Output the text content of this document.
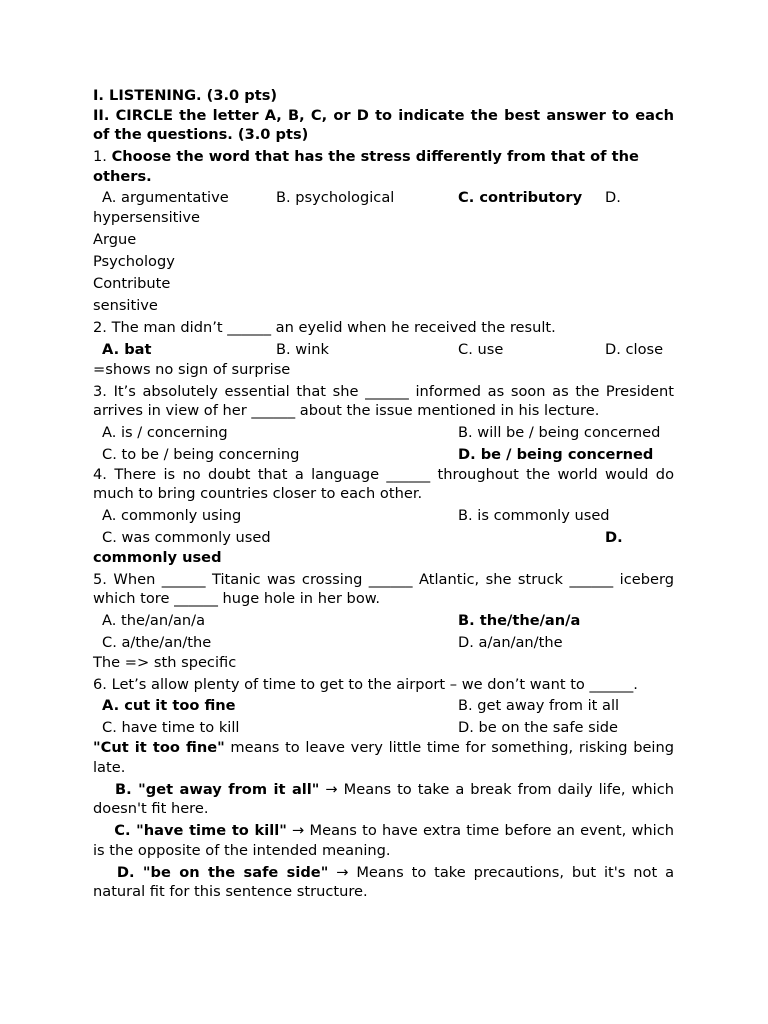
I. LISTENING. (3.0 pts)

II. CIRCLE the letter A, B, C, or D to indicate the best answer to each of the questions. (3.0 pts)

1. Choose the word that has the stress differently from that of the others.

A. argumentative	B. psychological	C. contributory D.

hypersensitive

Argue

Psychology

Contribute

sensitive

2. The man didn’t ______ an eyelid when he received the result.

A. bat	B. wink	C. use	D. close

=shows no sign of surprise

3. It’s absolutely essential that she ______ informed as soon as the President arrives in view of her ______ about the issue mentioned in his lecture.

A. is / concerning	B. will be / being concerned
C. to be / being concerning	D. be / being concerned

4. There is no doubt that a language ______ throughout the world would do much to bring countries closer to each other.

A. commonly using	B. is commonly used
C. was commonly used	D.

commonly used

5. When ______ Titanic was crossing ______ Atlantic, she struck ______ iceberg which tore ______ huge hole in her bow.

A. the/an/an/a	B. the/the/an/a
C. a/the/an/the	D. a/an/an/the

The => sth specific

6. Let’s allow plenty of time to get to the airport – we don’t want to ______.

A. cut it too fine	B. get away from it all
C. have time to kill	D. be on the safe side

"Cut it too fine" means to leave very little time for something, risking being late.

B. "get away from it all" → Means to take a break from daily life, which doesn't fit here.

C. "have time to kill" → Means to have extra time before an event, which is the opposite of the intended meaning.

D. "be on the safe side" → Means to take precautions, but it's not a natural fit for this sentence structure.
